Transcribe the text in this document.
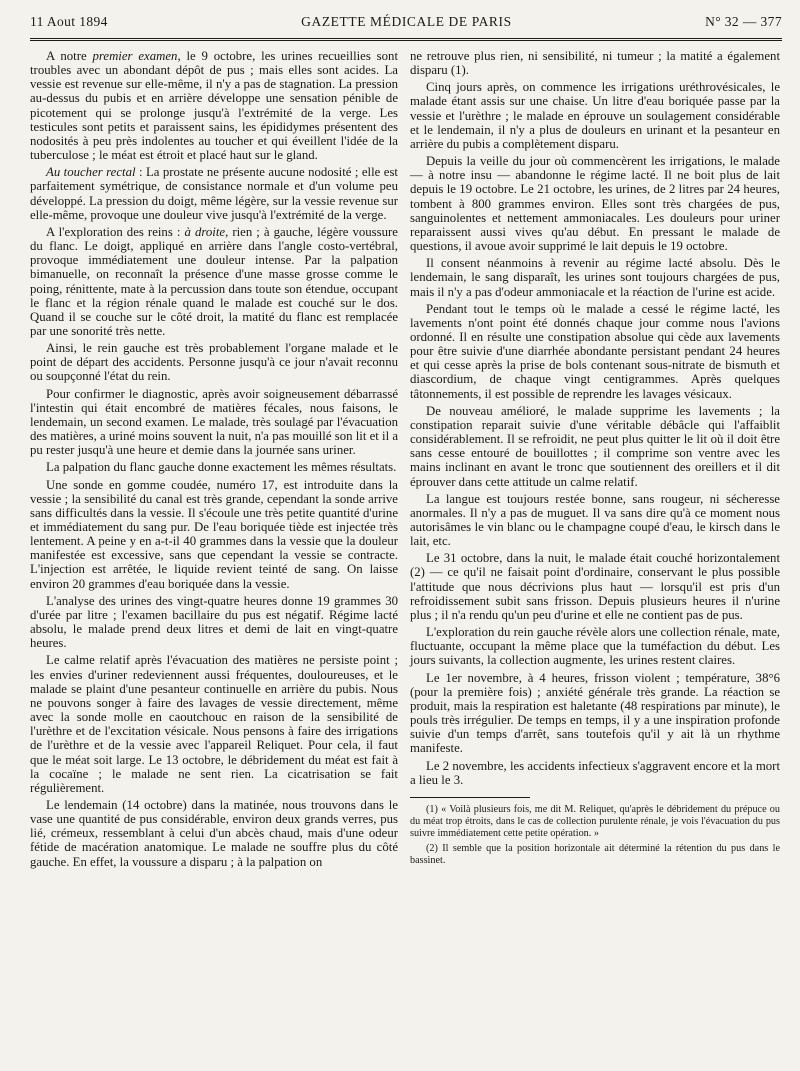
11 Aout 1894	GAZETTE MÉDICALE DE PARIS	N° 32 — 377

A notre premier examen, le 9 octobre, les urines recueillies sont troubles avec un abondant dépôt de pus ; mais elles sont acides. La vessie est revenue sur elle-même, il n'y a pas de stagnation. La pression au-dessus du pubis et en arrière développe une sensation pénible de picotement qui se prolonge jusqu'à l'extrémité de la verge. Les testicules sont petits et paraissent sains, les épididymes présentent des nodosités à peu près indolentes au toucher et qui éveillent l'idée de la tuberculose ; le méat est étroit et placé haut sur le gland.

Au toucher rectal : La prostate ne présente aucune nodosité ; elle est parfaitement symétrique, de consistance normale et d'un volume peu développé. La pression du doigt, même légère, sur la vessie revenue sur elle-même, provoque une douleur vive jusqu'à l'extrémité de la verge.

A l'exploration des reins : à droite, rien ; à gauche, légère voussure du flanc. Le doigt, appliqué en arrière dans l'angle costo-vertébral, provoque immédiatement une douleur intense. Par la palpation bimanuelle, on reconnaît la présence d'une masse grosse comme le poing, rénittente, mate à la percussion dans toute son étendue, occupant le flanc et la région rénale quand le malade est couché sur le dos. Quand il se couche sur le côté droit, la matité du flanc est remplacée par une sonorité très nette.

Ainsi, le rein gauche est très probablement l'organe malade et le point de départ des accidents. Personne jusqu'à ce jour n'avait reconnu ou soupçonné l'état du rein.

Pour confirmer le diagnostic, après avoir soigneusement débarrassé l'intestin qui était encombré de matières fécales, nous faisons, le lendemain, un second examen. Le malade, très soulagé par l'évacuation des matières, a uriné moins souvent la nuit, n'a pas mouillé son lit et il a pu rester jusqu'à une heure et demie dans la journée sans uriner.

La palpation du flanc gauche donne exactement les mêmes résultats.

Une sonde en gomme coudée, numéro 17, est introduite dans la vessie ; la sensibilité du canal est très grande, cependant la sonde arrive sans difficultés dans la vessie. Il s'écoule une très petite quantité d'urine et immédiatement du sang pur. De l'eau boriquée tiède est injectée très lentement. A peine y en a-t-il 40 grammes dans la vessie que la douleur manifestée est excessive, sans que cependant la vessie se contracte. L'injection est arrêtée, le liquide revient teinté de sang. On laisse environ 20 grammes d'eau boriquée dans la vessie.

L'analyse des urines des vingt-quatre heures donne 19 grammes 30 d'urée par litre ; l'examen bacillaire du pus est négatif. Régime lacté absolu, le malade prend deux litres et demi de lait en vingt-quatre heures.

Le calme relatif après l'évacuation des matières ne persiste point ; les envies d'uriner redeviennent aussi fréquentes, douloureuses, et le malade se plaint d'une pesanteur continuelle en arrière du pubis. Nous ne pouvons songer à faire des lavages de vessie directement, même avec la sonde molle en caoutchouc en raison de la sensibilité de l'urèthre et de l'excitation vésicale. Nous pensons à faire des irrigations de l'urèthre et de la vessie avec l'appareil Reliquet. Pour cela, il faut que le méat soit large. Le 13 octobre, le débridement du méat est fait à la cocaïne ; le malade ne sent rien. La cicatrisation se fait régulièrement.

Le lendemain (14 octobre) dans la matinée, nous trouvons dans le vase une quantité de pus considérable, environ deux grands verres, pus lié, crémeux, ressemblant à celui d'un abcès chaud, mais d'une odeur fétide de macération anatomique. Le malade ne souffre plus du côté gauche. En effet, la voussure a disparu ; à la palpation on

ne retrouve plus rien, ni sensibilité, ni tumeur ; la matité a également disparu (1).

Cinq jours après, on commence les irrigations uréthrovésicales, le malade étant assis sur une chaise. Un litre d'eau boriquée passe par la vessie et l'urèthre ; le malade en éprouve un soulagement considérable et le lendemain, il n'y a plus de douleurs en urinant et la pesanteur en arrière du pubis a complètement disparu.

Depuis la veille du jour où commencèrent les irrigations, le malade — à notre insu — abandonne le régime lacté. Il ne boit plus de lait depuis le 19 octobre. Le 21 octobre, les urines, de 2 litres par 24 heures, tombent à 800 grammes environ. Elles sont très chargées de pus, sanguinolentes et nettement ammoniacales. Les douleurs pour uriner reparaissent aussi vives qu'au début. En pressant le malade de questions, il avoue avoir supprimé le lait depuis le 19 octobre.

Il consent néanmoins à revenir au régime lacté absolu. Dès le lendemain, le sang disparaît, les urines sont toujours chargées de pus, mais il n'y a pas d'odeur ammoniacale et la réaction de l'urine est acide.

Pendant tout le temps où le malade a cessé le régime lacté, les lavements n'ont point été donnés chaque jour comme nous l'avions ordonné. Il en résulte une constipation absolue qui cède aux lavements pour être suivie d'une diarrhée abondante persistant pendant 24 heures et qui cesse après la prise de bols contenant sous-nitrate de bismuth et diascordium, de chaque vingt centigrammes. Après quelques tâtonnements, il est possible de reprendre les lavages vésicaux.

De nouveau amélioré, le malade supprime les lavements ; la constipation reparait suivie d'une véritable débâcle qui l'affaiblit considérablement. Il se refroidit, ne peut plus quitter le lit où il doit être sans cesse entouré de bouillottes ; il comprime son ventre avec les mains inclinant en avant le tronc que soutiennent des oreillers et il dit éprouver dans cette attitude un calme relatif.

La langue est toujours restée bonne, sans rougeur, ni sécheresse anormales. Il n'y a pas de muguet. Il va sans dire qu'à ce moment nous autorisâmes le vin blanc ou le champagne coupé d'eau, le kirsch dans le lait, etc.

Le 31 octobre, dans la nuit, le malade était couché horizontalement (2) — ce qu'il ne faisait point d'ordinaire, conservant le plus possible l'attitude que nous décrivions plus haut — lorsqu'il est pris d'un refroidissement subit sans frisson. Depuis plusieurs heures il n'urine plus ; il n'a rendu qu'un peu d'urine et elle ne contient pas de pus.

L'exploration du rein gauche révèle alors une collection rénale, mate, fluctuante, occupant la même place que la tuméfaction du début. Les jours suivants, la collection augmente, les urines restent claires.

Le 1er novembre, à 4 heures, frisson violent ; température, 38°6 (pour la première fois) ; anxiété générale très grande. La réaction se produit, mais la respiration est haletante (48 respirations par minute), le pouls très irrégulier. De temps en temps, il y a une inspiration profonde suivie d'un temps d'arrêt, sans toutefois qu'il y ait là un rhythme manifeste.

Le 2 novembre, les accidents infectieux s'aggravent encore et la mort a lieu le 3.

(1) « Voilà plusieurs fois, me dit M. Reliquet, qu'après le débridement du prépuce ou du méat trop étroits, dans le cas de collection purulente rénale, je vois l'évacuation du pus suivre immédiatement cette petite opération. »

(2) Il semble que la position horizontale ait déterminé la rétention du pus dans le bassinet.
